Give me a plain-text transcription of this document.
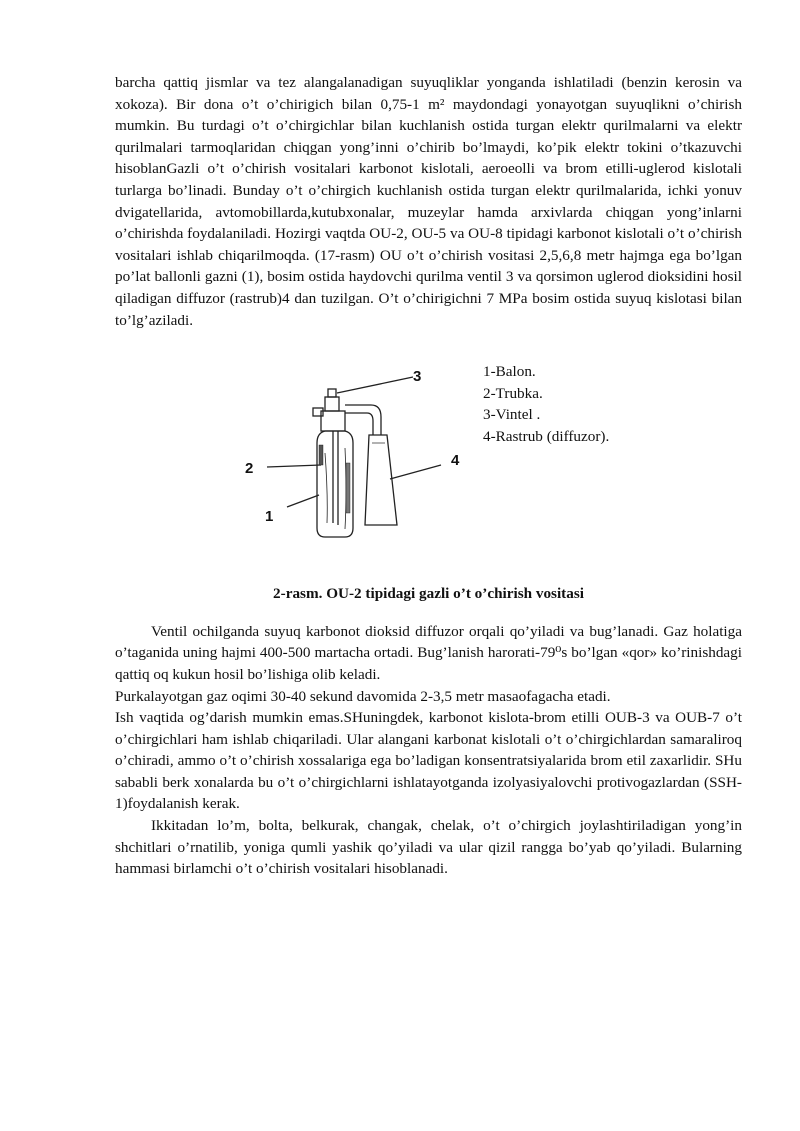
barcha qattiq jismlar va tez alangalanadigan suyuqliklar yonganda ishlatiladi (benzin kerosin va xokoza). Bir dona o’t o’chirigich bilan 0,75-1 m² maydondagi yonayotgan suyuqlikni o’chirish mumkin. Bu turdagi o’t o’chirgichlar bilan kuchlanish ostida turgan elektr qurilmalarni va elektr qurilmalari tarmoqlaridan chiqgan yong’inni o’chirib bo’lmaydi, ko’pik elektr tokini o’tkazuvchi hisoblanGazli o’t o’chirish vositalari karbonot kislotali, aeroeolli va brom etilli-uglerod kislotali turlarga bo’linadi. Bunday o’t o’chirgich kuchlanish ostida turgan elektr qurilmalarida, ichki yonuv dvigatellarida, avtomobillarda,kutubxonalar, muzeylar hamda arxivlarda chiqgan yong’inlarni o’chirishda foydalaniladi. Hozirgi vaqtda OU-2, OU-5 va OU-8 tipidagi karbonot kislotali o’t o’chirish vositalari ishlab chiqarilmoqda. (17-rasm) OU o’t o’chirish vositasi 2,5,6,8 metr hajmga ega bo’lgan po’lat ballonli gazni (1), bosim ostida haydovchi qurilma ventil 3 va qorsimon uglerod dioksidini hosil qiladigan diffuzor (rastrub)4 dan tuzilgan. O’t o’chirigichni 7 MPa bosim ostida suyuq kislotasi bilan to’lg’aziladi.

3
2	4
1
1-Balon.
2-Trubka.
3-Vintel .
4-Rastrub (diffuzor).

2-rasm. OU-2 tipidagi gazli o’t o’chirish vositasi

Ventil ochilganda suyuq karbonot dioksid diffuzor orqali qo’yiladi va bug’lanadi. Gaz holatiga o’taganida uning hajmi 400-500 martacha ortadi. Bug’lanish harorati-79⁰s bo’lgan «qor» ko’rinishdagi qattiq oq kukun hosil bo’lishiga olib keladi.

Purkalayotgan gaz oqimi 30-40 sekund davomida 2-3,5 metr masaofagacha etadi.

Ish vaqtida og’darish mumkin emas.SHuningdek, karbonot kislota-brom etilli OUB-3 va OUB-7 o’t o’chirgichlari ham ishlab chiqariladi. Ular alangani karbonat kislotali o’t o’chirgichlardan samaraliroq o’chiradi, ammo o’t o’chirish xossalariga ega bo’ladigan konsentratsiyalarida brom etil zaxarlidir. SHu sababli berk xonalarda bu o’t o’chirgichlarni ishlatayotganda izolyasiyalovchi protivogazlardan (SSH-1)foydalanish kerak.

Ikkitadan lo’m, bolta, belkurak, changak, chelak, o’t o’chirgich joylashtiriladigan yong’in shchitlari o’rnatilib, yoniga qumli yashik qo’yiladi va ular qizil rangga bo’yab qo’yiladi. Bularning hammasi birlamchi o’t o’chirish vositalari hisoblanadi.
